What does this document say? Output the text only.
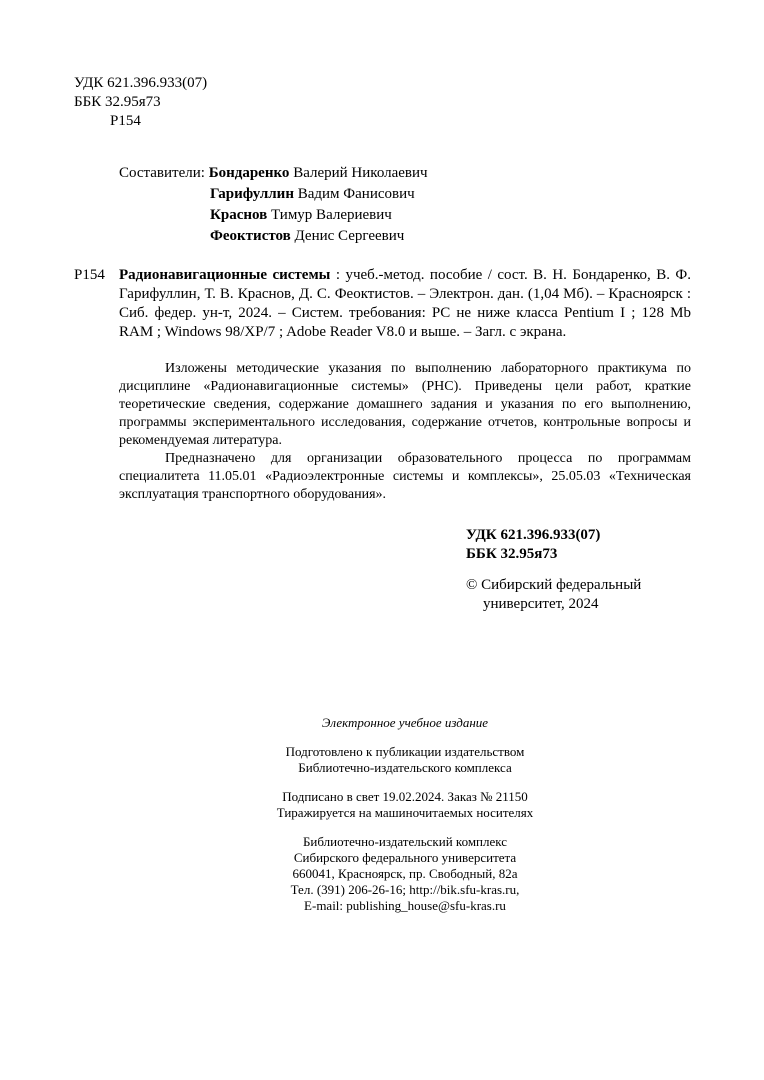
УДК 621.396.933(07)
ББК 32.95я73
Р154
Составители: Бондаренко Валерий Николаевич
Гарифуллин Вадим Фанисович
Краснов Тимур Валериевич
Феоктистов Денис Сергеевич
Р154 Радионавигационные системы : учеб.-метод. пособие / сост. В. Н. Бондаренко, В. Ф. Гарифуллин, Т. В. Краснов, Д. С. Феоктистов. – Электрон. дан. (1,04 Мб). – Красноярск : Сиб. федер. ун-т, 2024. – Систем. требования: PC не ниже класса Pentium I ; 128 Mb RAM ; Windows 98/XP/7 ; Adobe Reader V8.0 и выше. – Загл. с экрана.

Изложены методические указания по выполнению лабораторного практикума по дисциплине «Радионавигационные системы» (РНС). Приведены цели работ, краткие теоретические сведения, содержание домашнего задания и указания по его выполнению, программы экспериментального исследования, содержание отчетов, контрольные вопросы и рекомендуемая литература.

Предназначено для организации образовательного процесса по программам специалитета 11.05.01 «Радиоэлектронные системы и комплексы», 25.05.03 «Техническая эксплуатация транспортного оборудования».

УДК 621.396.933(07)
ББК 32.95я73
© Сибирский федеральный
университет, 2024
Электронное учебное издание
Подготовлено к публикации издательством
Библиотечно-издательского комплекса
Подписано в свет 19.02.2024. Заказ № 21150
Тиражируется на машиночитаемых носителях
Библиотечно-издательский комплекс
Сибирского федерального университета
660041, Красноярск, пр. Свободный, 82а
Тел. (391) 206-26-16; http://bik.sfu-kras.ru,
E-mail: publishing_house@sfu-kras.ru
